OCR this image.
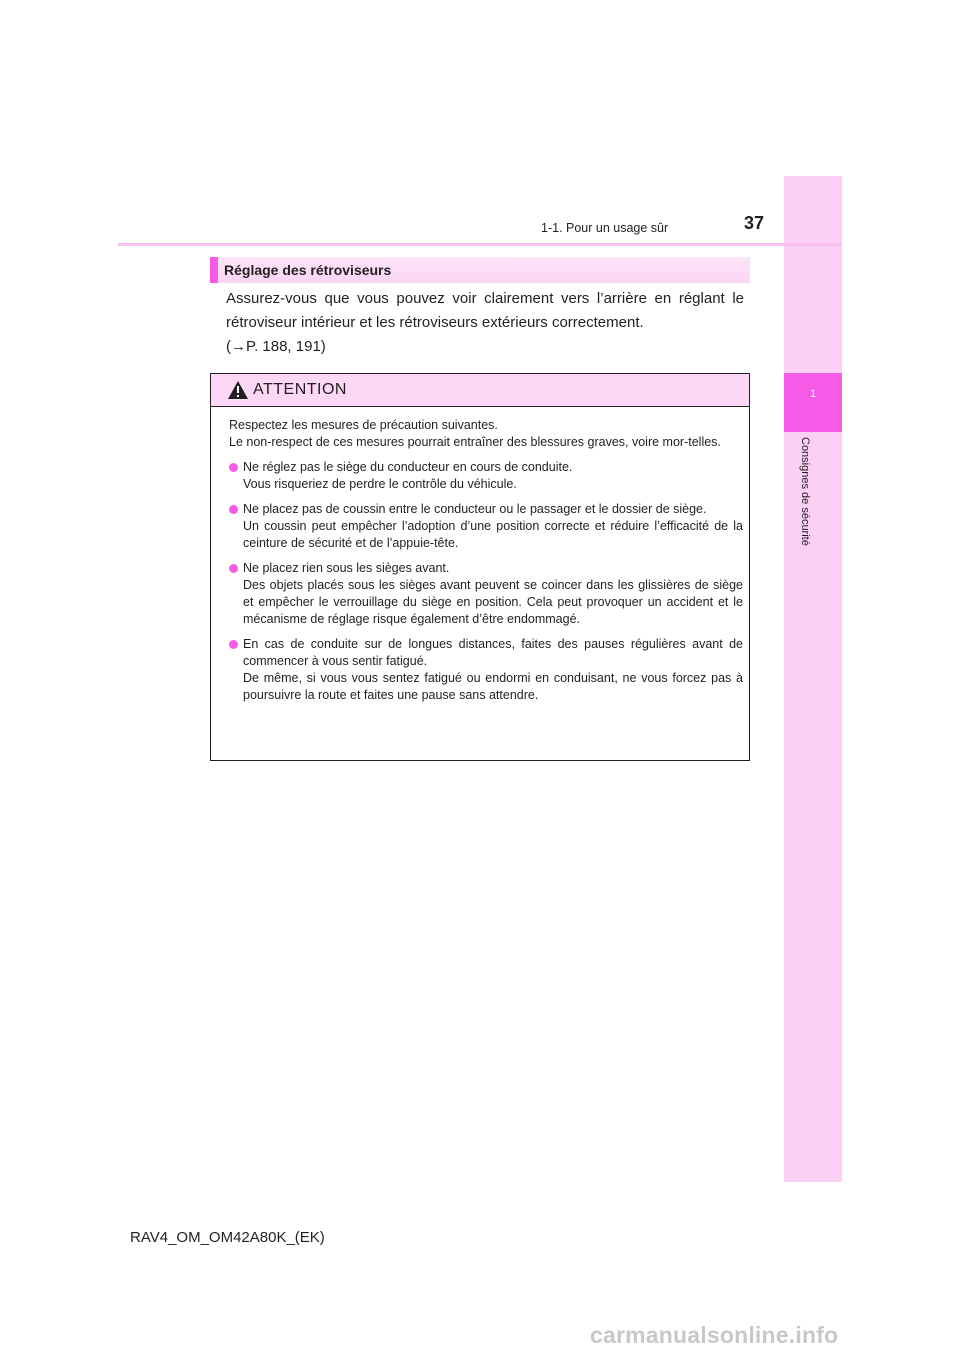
1
Consignes de sécurité
1-1. Pour un usage sûr	37
Réglage des rétroviseurs

Assurez-vous que vous pouvez voir clairement vers l’arrière en réglant le rétroviseur intérieur et les rétroviseurs extérieurs correctement.

(→P. 188, 191)

ATTENTION

Respectez les mesures de précaution suivantes.

Le non-respect de ces mesures pourrait entraîner des blessures graves, voire mor-telles.

Ne réglez pas le siège du conducteur en cours de conduite.

Vous risqueriez de perdre le contrôle du véhicule.

Ne placez pas de coussin entre le conducteur ou le passager et le dossier de siège.

Un coussin peut empêcher l’adoption d’une position correcte et réduire l’efficacité de la ceinture de sécurité et de l’appuie-tête.

Ne placez rien sous les sièges avant.

Des objets placés sous les sièges avant peuvent se coincer dans les glissières de siège et empêcher le verrouillage du siège en position. Cela peut provoquer un accident et le mécanisme de réglage risque également d’être endommagé.

En cas de conduite sur de longues distances, faites des pauses régulières avant de commencer à vous sentir fatigué.

De même, si vous vous sentez fatigué ou endormi en conduisant, ne vous forcez pas à poursuivre la route et faites une pause sans attendre.

RAV4_OM_OM42A80K_(EK)
carmanualsonline.info
